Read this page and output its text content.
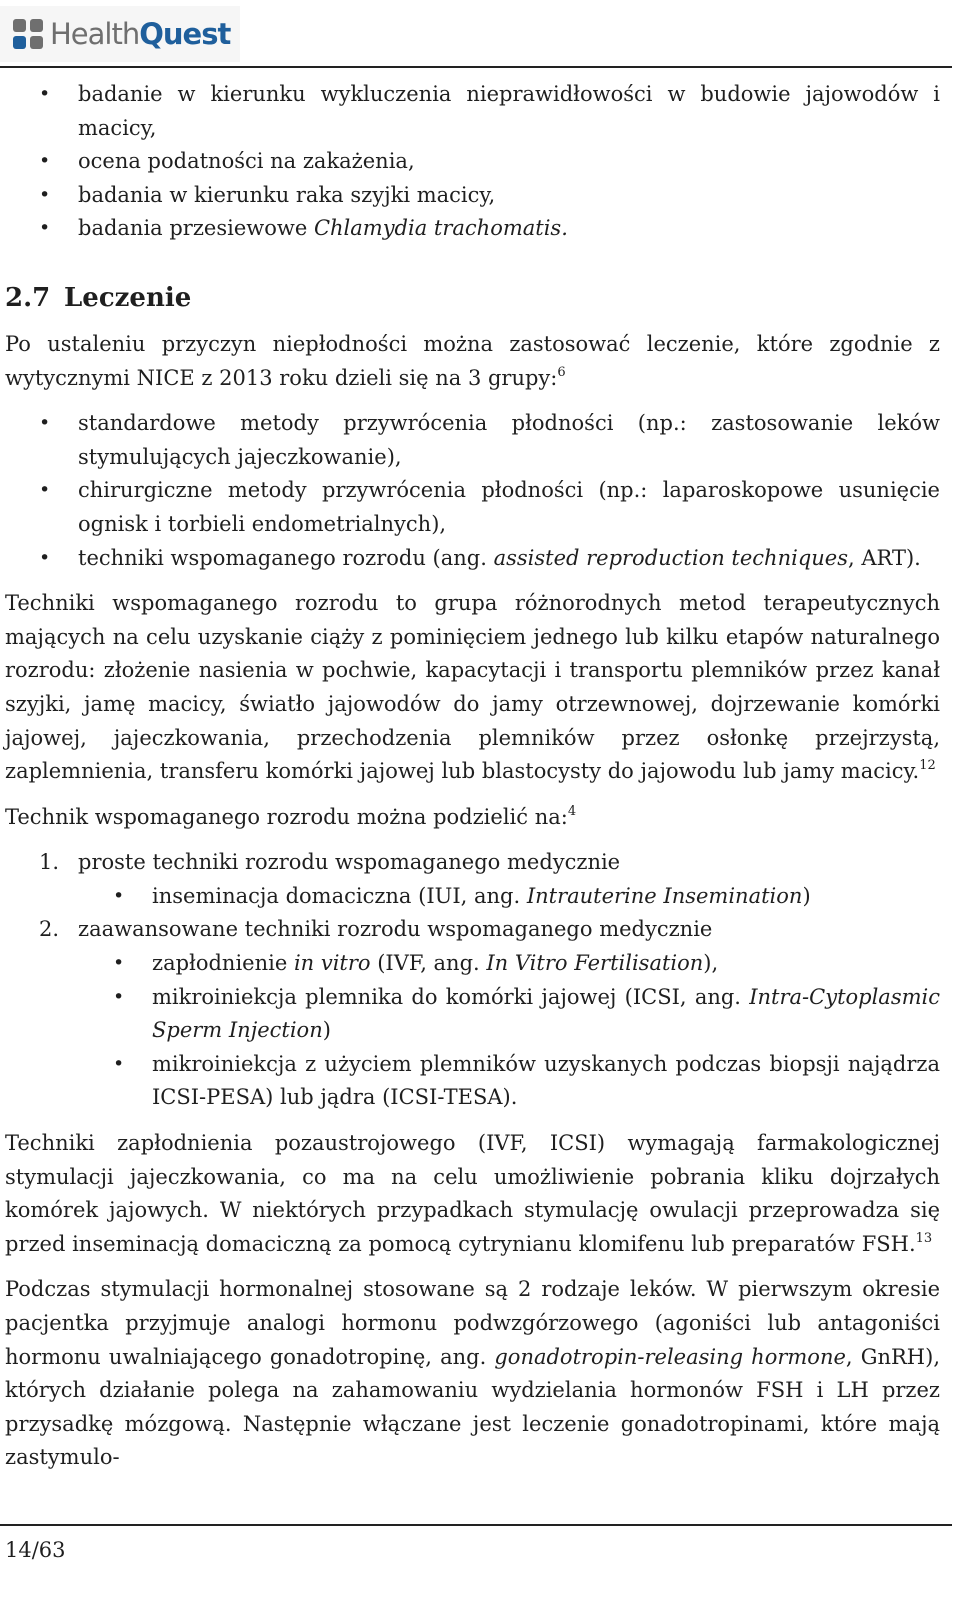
HealthQuest
• badanie w kierunku wykluczenia nieprawidłowości w budowie jajowodów i macicy,
• ocena podatności na zakażenia,
• badania w kierunku raka szyjki macicy,
• badania przesiewowe Chlamydia trachomatis.
2.7 Leczenie

Po ustaleniu przyczyn niepłodności można zastosować leczenie, które zgodnie z wytycznymi NICE z 2013 roku dzieli się na 3 grupy:$^6$

• standardowe metody przywrócenia płodności (np.: zastosowanie leków stymulujących jajeczkowanie),
• chirurgiczne metody przywrócenia płodności (np.: laparoskopowe usunięcie ognisk i torbieli endometrialnych),
• techniki wspomaganego rozrodu (ang. assisted reproduction techniques, ART).

Techniki wspomaganego rozrodu to grupa różnorodnych metod terapeutycznych mających na celu uzyskanie ciąży z pominięciem jednego lub kilku etapów naturalnego rozrodu: złożenie nasienia w pochwie, kapacytacji i transportu plemników przez kanał szyjki, jamę macicy, światło jajowodów do jamy otrzewnowej, dojrzewanie komórki jajowej, jajeczkowania, przechodzenia plemników przez osłonkę przejrzystą, zaplemnienia, transferu komórki jajowej lub blastocysty do jajowodu lub jamy macicy.$^{12}$

Technik wspomaganego rozrodu można podzielić na:$^4$

1. proste techniki rozrodu wspomaganego medycznie
• inseminacja domaciczna (IUI, ang. Intrauterine Insemination)
2. zaawansowane techniki rozrodu wspomaganego medycznie
• zapłodnienie in vitro (IVF, ang. In Vitro Fertilisation),
• mikroiniekcja plemnika do komórki jajowej (ICSI, ang. Intra-Cytoplasmic Sperm Injection)
• mikroiniekcja z użyciem plemników uzyskanych podczas biopsji najądrza ICSI-PESA) lub jądra (ICSI-TESA).

Techniki zapłodnienia pozaustrojowego (IVF, ICSI) wymagają farmakologicznej stymulacji jajeczkowania, co ma na celu umożliwienie pobrania kliku dojrzałych komórek jajowych. W niektórych przypadkach stymulację owulacji przeprowadza się przed inseminacją domaciczną za pomocą cytrynianu klomifenu lub preparatów FSH.$^{13}$

Podczas stymulacji hormonalnej stosowane są 2 rodzaje leków. W pierwszym okresie pacjentka przyjmuje analogi hormonu podwzgórzowego (agoniści lub antagoniści hormonu uwalniającego gonadotropinę, ang. gonadotropin-releasing hormone, GnRH), których działanie polega na zahamowaniu wydzielania hormonów FSH i LH przez przysadkę mózgową. Następnie włączane jest leczenie gonadotropinami, które mają zastymulo-

14/63
